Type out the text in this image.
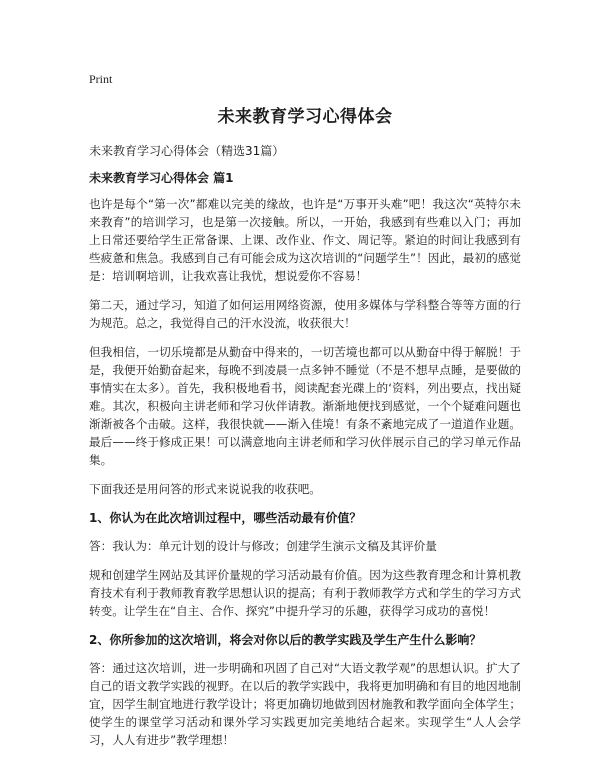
Print
未来教育学习心得体会
未来教育学习心得体会（精选31篇）
未来教育学习心得体会 篇1

也许是每个“第一次”都难以完美的缘故，也许是“万事开头难”吧！我这次“英特尔未来教育”的培训学习，也是第一次接触。所以，一开始，我感到有些难以入门；再加上日常还要给学生正常备课、上课、改作业、作文、周记等。紧迫的时间让我感到有些疲惫和焦急。我感到自己有可能会成为这次培训的“问题学生”！因此，最初的感觉是：培训啊培训，让我欢喜让我忧，想说爱你不容易！

第二天，通过学习，知道了如何运用网络资源，使用多媒体与学科整合等等方面的行为规范。总之，我觉得自己的汗水没流，收获很大！

但我相信，一切乐境都是从勤奋中得来的，一切苦境也都可以从勤奋中得于解脱！于是，我便开始勤奋起来，每晚不到凌晨一点多钟不睡觉（不是不想早点睡，是要做的事情实在太多）。首先，我积极地看书，阅读配套光碟上的‘资料，列出要点，找出疑难。其次，积极向主讲老师和学习伙伴请教。渐渐地便找到感觉，一个个疑难问题也渐渐被各个击破。这样，我很快就——渐入佳境！有条不紊地完成了一道道作业题。最后——终于修成正果！可以满意地向主讲老师和学习伙伴展示自己的学习单元作品集。

下面我还是用问答的形式来说说我的收获吧。

1、你认为在此次培训过程中，哪些活动最有价值？

答：我认为：单元计划的设计与修改；创建学生演示文稿及其评价量

规和创建学生网站及其评价量规的学习活动最有价值。因为这些教育理念和计算机教育技术有利于教师教育教学思想认识的提高；有利于教师教学方式和学生的学习方式转变。让学生在“自主、合作、探究”中提升学习的乐趣，获得学习成功的喜悦！

2、你所参加的这次培训，将会对你以后的教学实践及学生产生什么影响？

答：通过这次培训，进一步明确和巩固了自己对“大语文教学观”的思想认识。扩大了自己的语文教学实践的视野。在以后的教学实践中，我将更加明确和有目的地因地制宜，因学生制宜地进行教学设计；将更加确切地做到因材施教和教学面向全体学生；使学生的课堂学习活动和课外学习实践更加完美地结合起来。实现学生“人人会学习，人人有进步”教学理想！
